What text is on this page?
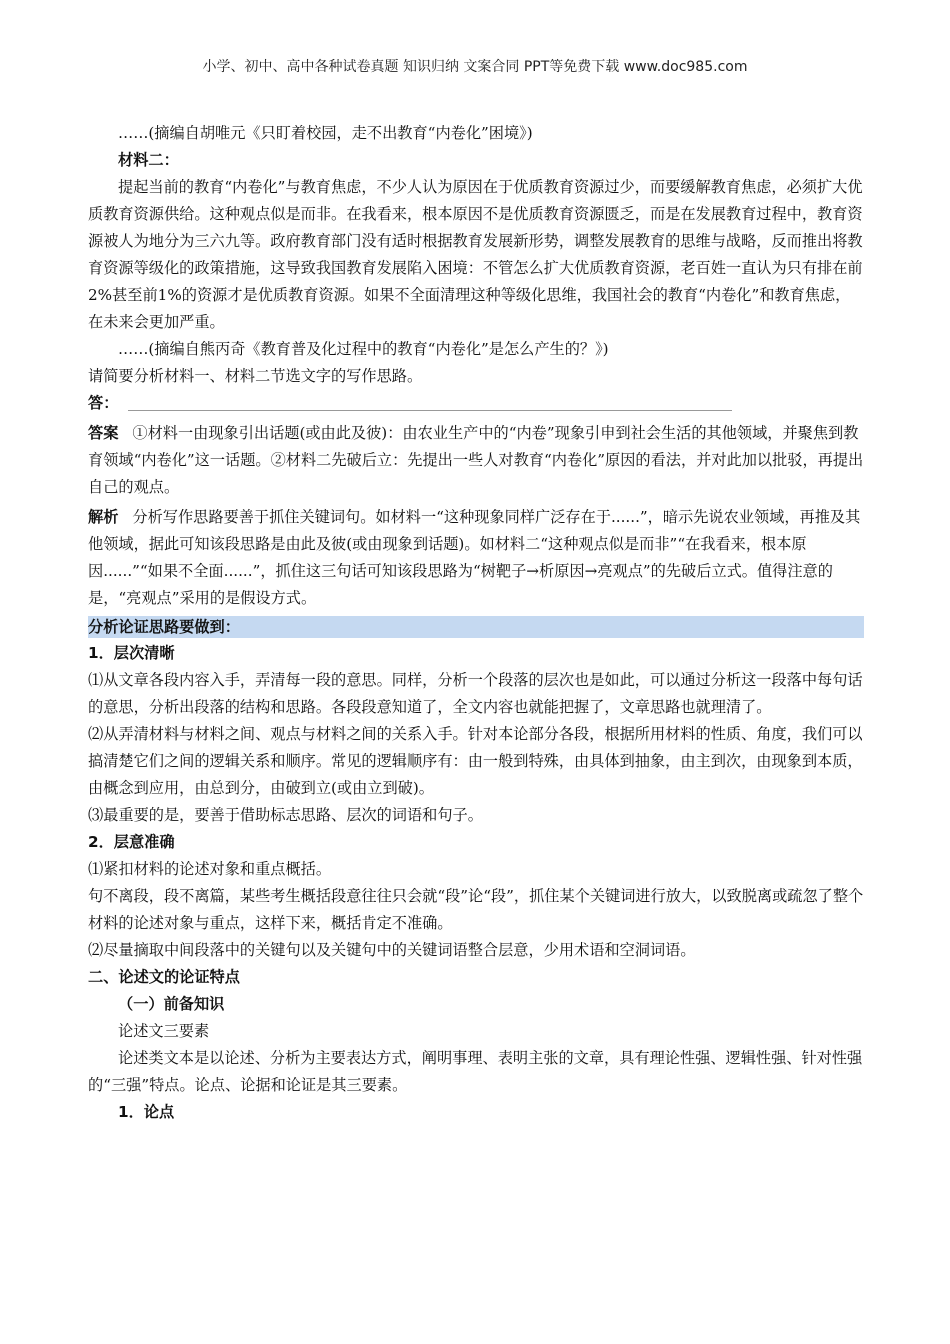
小学、初中、高中各种试卷真题 知识归纳 文案合同 PPT等免费下载 www.doc985.com

……(摘编自胡唯元《只盯着校园，走不出教育“内卷化”困境》)

材料二：

提起当前的教育“内卷化”与教育焦虑，不少人认为原因在于优质教育资源过少，而要缓解教育焦虑，必须扩大优质教育资源供给。这种观点似是而非。在我看来，根本原因不是优质教育资源匮乏，而是在发展教育过程中，教育资源被人为地分为三六九等。政府教育部门没有适时根据教育发展新形势，调整发展教育的思维与战略，反而推出将教育资源等级化的政策措施，这导致我国教育发展陷入困境：不管怎么扩大优质教育资源，老百姓一直认为只有排在前2%甚至前1%的资源才是优质教育资源。如果不全面清理这种等级化思维，我国社会的教育“内卷化”和教育焦虑，在未来会更加严重。

……(摘编自熊丙奇《教育普及化过程中的教育“内卷化”是怎么产生的？》)

请简要分析材料一、材料二节选文字的写作思路。

答：

答案 ①材料一由现象引出话题(或由此及彼)：由农业生产中的“内卷”现象引申到社会生活的其他领域，并聚焦到教育领域“内卷化”这一话题。②材料二先破后立：先提出一些人对教育“内卷化”原因的看法，并对此加以批驳，再提出自己的观点。

解析 分析写作思路要善于抓住关键词句。如材料一“这种现象同样广泛存在于......”，暗示先说农业领域，再推及其他领域，据此可知该段思路是由此及彼(或由现象到话题)。如材料二“这种观点似是而非”“在我看来，根本原因......”“如果不全面......”，抓住这三句话可知该段思路为“树靶子→析原因→亮观点”的先破后立式。值得注意的是，“亮观点”采用的是假设方式。

分析论证思路要做到：

1．层次清晰

⑴从文章各段内容入手，弄清每一段的意思。同样，分析一个段落的层次也是如此，可以通过分析这一段落中每句话的意思，分析出段落的结构和思路。各段段意知道了，全文内容也就能把握了，文章思路也就理清了。

⑵从弄清材料与材料之间、观点与材料之间的关系入手。针对本论部分各段，根据所用材料的性质、角度，我们可以搞清楚它们之间的逻辑关系和顺序。常见的逻辑顺序有：由一般到特殊，由具体到抽象，由主到次，由现象到本质，由概念到应用，由总到分，由破到立(或由立到破)。

⑶最重要的是，要善于借助标志思路、层次的词语和句子。

2．层意准确

⑴紧扣材料的论述对象和重点概括。

句不离段，段不离篇，某些考生概括段意往往只会就“段”论“段”，抓住某个关键词进行放大，以致脱离或疏忽了整个材料的论述对象与重点，这样下来，概括肯定不准确。

⑵尽量摘取中间段落中的关键句以及关键句中的关键词语整合层意，少用术语和空洞词语。

二、论述文的论证特点

（一）前备知识

论述文三要素

论述类文本是以论述、分析为主要表达方式，阐明事理、表明主张的文章，具有理论性强、逻辑性强、针对性强的“三强”特点。论点、论据和论证是其三要素。

1．论点
